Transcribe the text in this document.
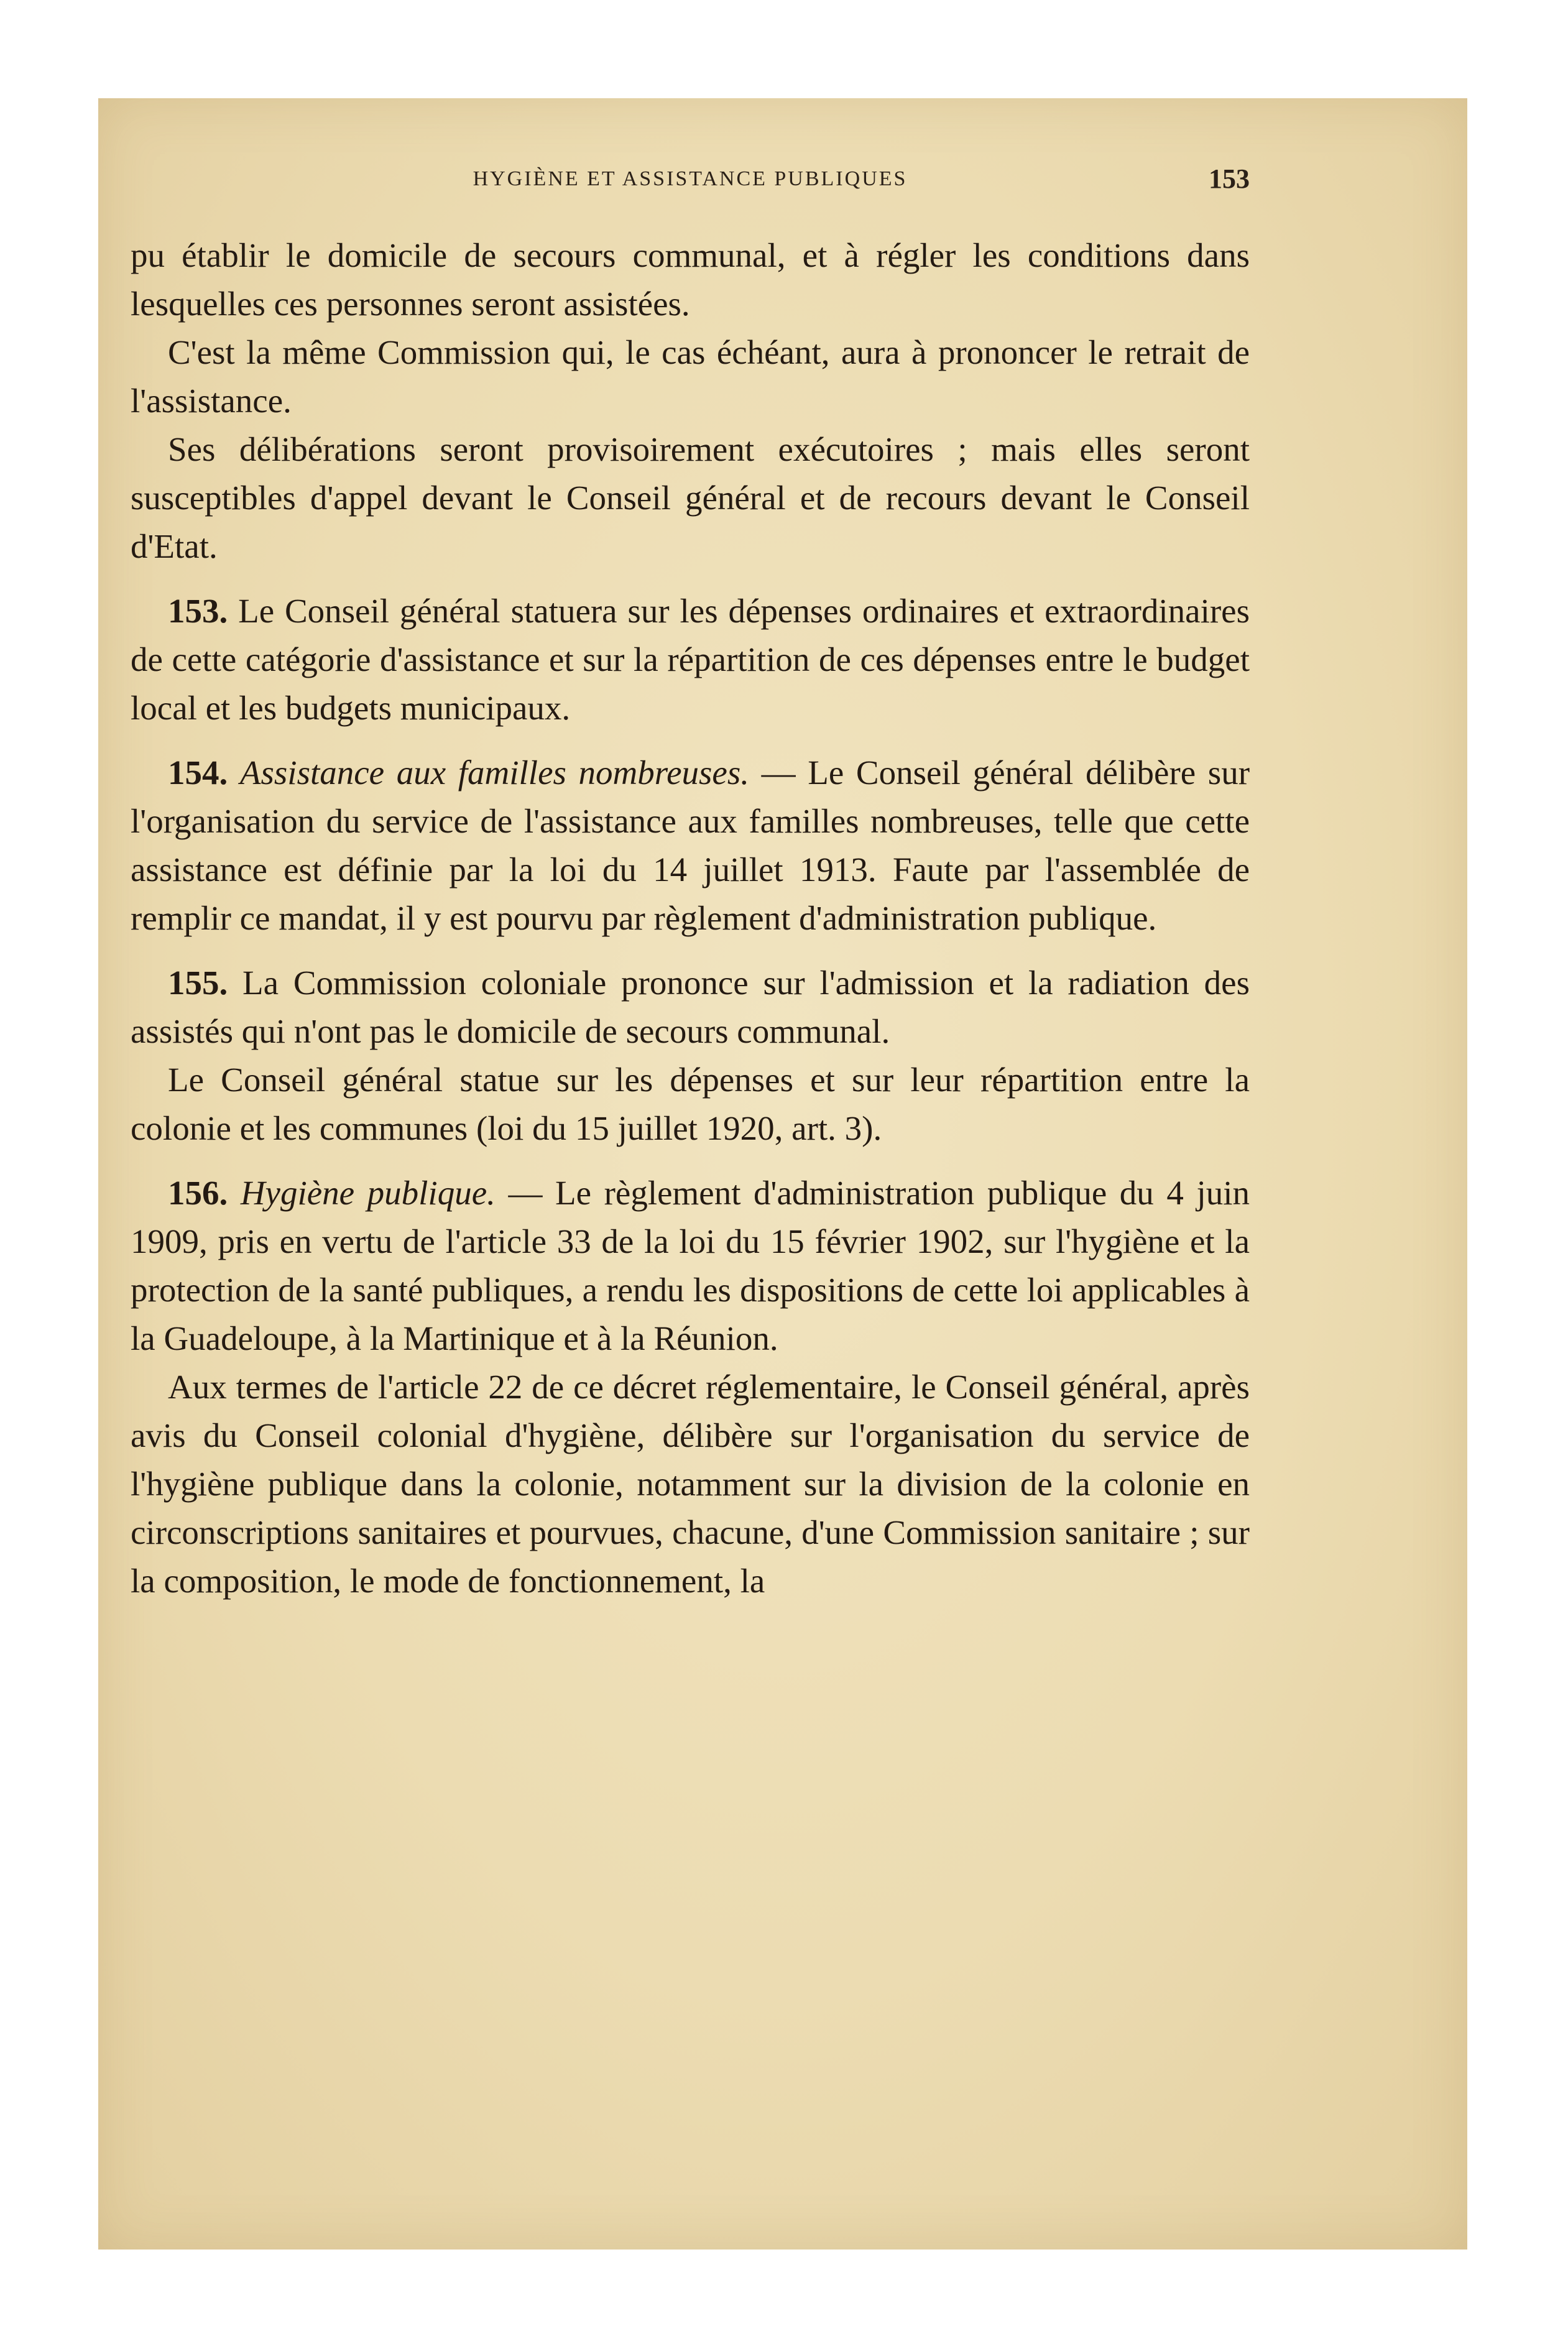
HYGIÈNE ET ASSISTANCE PUBLIQUES	153

pu établir le domicile de secours communal, et à régler les conditions dans lesquelles ces personnes seront assistées.

C'est la même Commission qui, le cas échéant, aura à prononcer le retrait de l'assistance.

Ses délibérations seront provisoirement exécutoires ; mais elles seront susceptibles d'appel devant le Conseil général et de recours devant le Conseil d'Etat.

153. Le Conseil général statuera sur les dépenses ordinaires et extraordinaires de cette catégorie d'assistance et sur la répartition de ces dépenses entre le budget local et les budgets municipaux.

154. Assistance aux familles nombreuses. — Le Conseil général délibère sur l'organisation du service de l'assistance aux familles nombreuses, telle que cette assistance est définie par la loi du 14 juillet 1913. Faute par l'assemblée de remplir ce mandat, il y est pourvu par règlement d'administration publique.

155. La Commission coloniale prononce sur l'admission et la radiation des assistés qui n'ont pas le domicile de secours communal.

Le Conseil général statue sur les dépenses et sur leur répartition entre la colonie et les communes (loi du 15 juillet 1920, art. 3).

156. Hygiène publique. — Le règlement d'administration publique du 4 juin 1909, pris en vertu de l'article 33 de la loi du 15 février 1902, sur l'hygiène et la protection de la santé publiques, a rendu les dispositions de cette loi applicables à la Guadeloupe, à la Martinique et à la Réunion.

Aux termes de l'article 22 de ce décret réglementaire, le Conseil général, après avis du Conseil colonial d'hygiène, délibère sur l'organisation du service de l'hygiène publique dans la colonie, notamment sur la division de la colonie en circonscriptions sanitaires et pourvues, chacune, d'une Commission sanitaire ; sur la composition, le mode de fonctionnement, la
